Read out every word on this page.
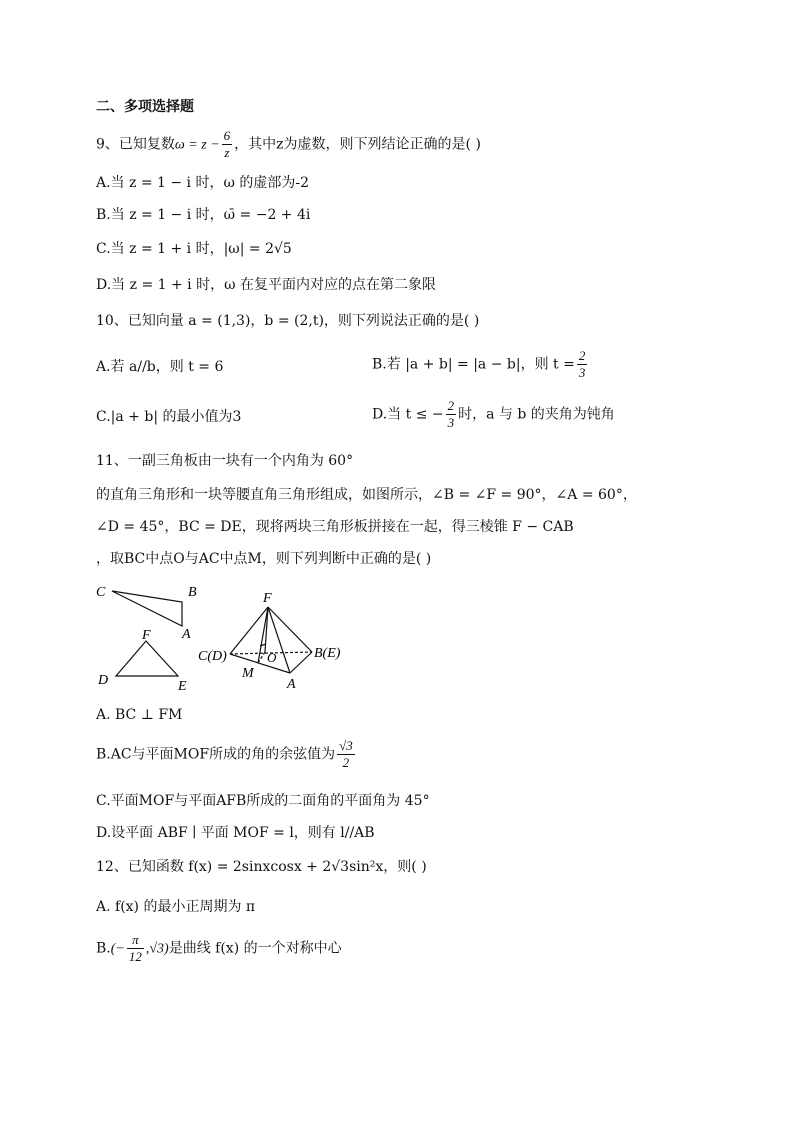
二、多项选择题
9、已知复数$\omega = z - \frac{6}{z}$ ，其中z为虚数，则下列结论正确的是( )
A.当 z = 1 − i 时，ω 的虚部为-2
B.当 z = 1 − i 时，ω̄ = −2 + 4i
C.当 z = 1 + i 时，|ω| = 2√5
D.当 z = 1 + i 时，ω 在复平面内对应的点在第二象限
10、已知向量 a = (1,3)，b = (2,t)，则下列说法正确的是( )
A.若 a//b，则 t = 6	B.若 |a + b| = |a − b|，则 $t = \frac{2}{3}$
C.|a + b| 的最小值为3	D.当 t ≤ − $\frac{2}{3}$ 时，a 与 b 的夹角为钝角
11、一副三角板由一块有一个内角为 60°
的直角三角形和一块等腰直角三角形组成，如图所示，∠B = ∠F = 90°，∠A = 60°，
∠D = 45°，BC = DE，现将两块三角形板拼接在一起，得三棱锥 F − CAB
，取BC中点O与AC中点M，则下列判断中正确的是( )
C	B
A
F
D	E
F
C(D)	O	B(E)
M
A
A. BC ⊥ FM
B.AC与平面MOF所成的角的余弦值为 $\frac{√3}{2}$
C.平面MOF与平面AFB所成的二面角的平面角为 45°
D.设平面 ABF ∣ 平面 MOF = l，则有 l//AB
12、已知函数 f(x) = 2sinxcosx + 2√3sin²x，则( )
A. f(x) 的最小正周期为 π
$B.(- \frac{\pi}{12} ,√3)$是曲线 f(x) 的一个对称中心
